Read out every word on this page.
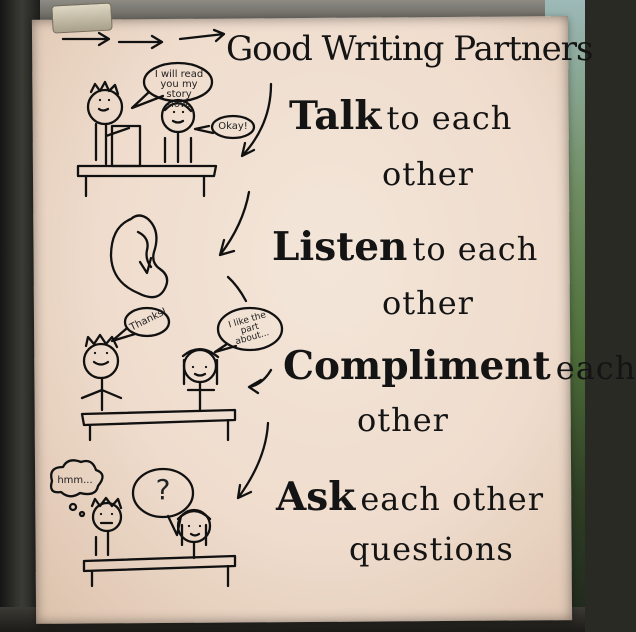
Good Writing Partners
Talk to each
other
Listen to each
other
Compliment each
other
Ask each other
questions
I will read you my story now.
Okay!
Thanks!	I like the part about...
hmm...	?
